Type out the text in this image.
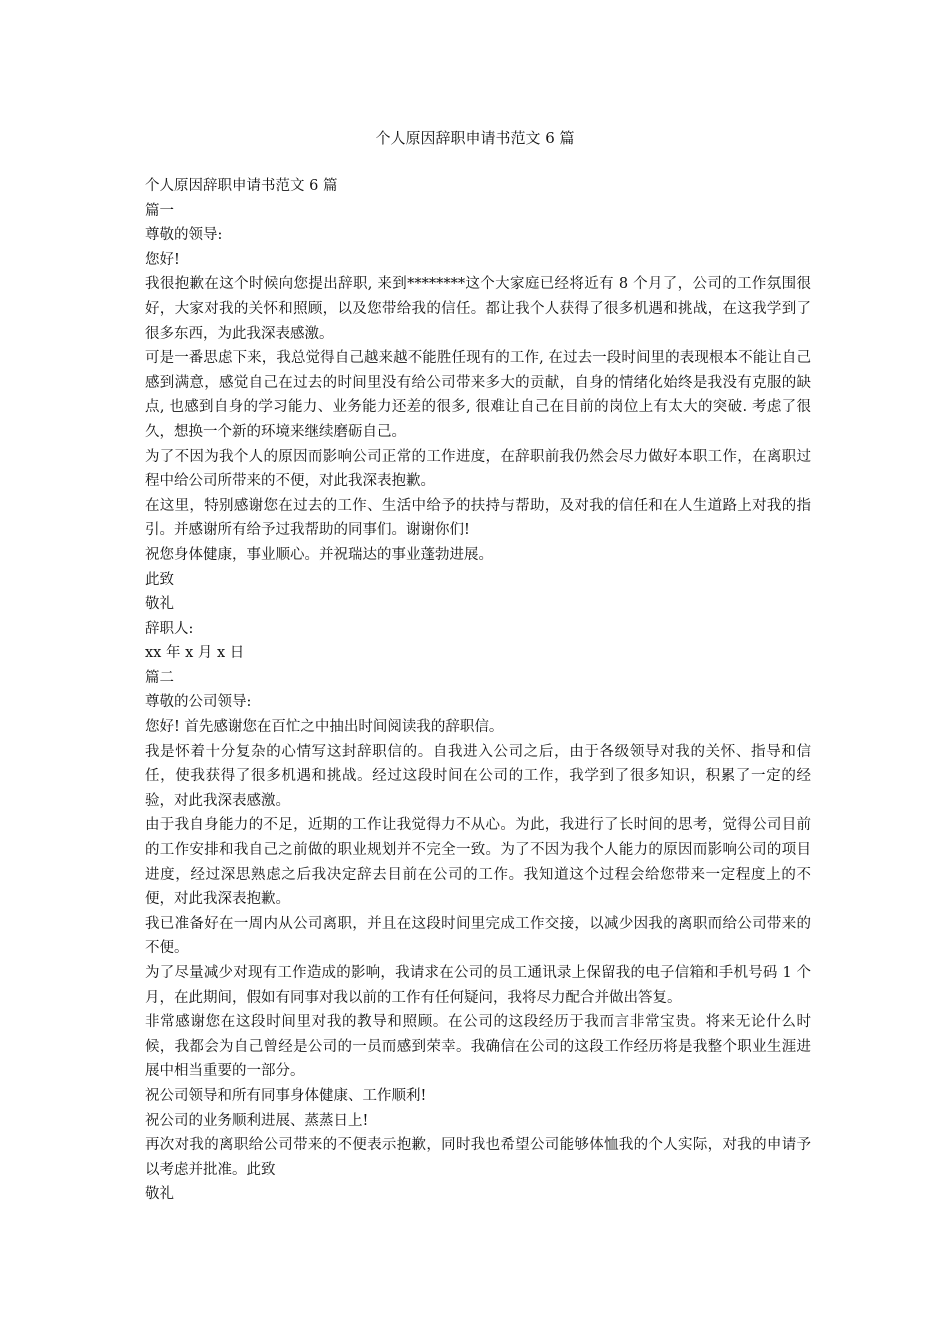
个人原因辞职申请书范文 6 篇

个人原因辞职申请书范文 6 篇

篇一

尊敬的领导:

您好!

我很抱歉在这个时候向您提出辞职, 来到********这个大家庭已经将近有 8 个月了，公司的工作氛围很好，大家对我的关怀和照顾，以及您带给我的信任。都让我个人获得了很多机遇和挑战，在这我学到了很多东西，为此我深表感激。

可是一番思虑下来，我总觉得自己越来越不能胜任现有的工作, 在过去一段时间里的表现根本不能让自己感到满意，感觉自己在过去的时间里没有给公司带来多大的贡献，自身的情绪化始终是我没有克服的缺点, 也感到自身的学习能力、业务能力还差的很多, 很难让自己在目前的岗位上有太大的突破. 考虑了很久，想换一个新的环境来继续磨砺自己。

为了不因为我个人的原因而影响公司正常的工作进度，在辞职前我仍然会尽力做好本职工作，在离职过程中给公司所带来的不便，对此我深表抱歉。

在这里，特别感谢您在过去的工作、生活中给予的扶持与帮助，及对我的信任和在人生道路上对我的指引。并感谢所有给予过我帮助的同事们。谢谢你们!

祝您身体健康，事业顺心。并祝瑞达的事业蓬勃进展。

此致

敬礼

辞职人:

xx 年 x 月 x 日

篇二

尊敬的公司领导:

您好! 首先感谢您在百忙之中抽出时间阅读我的辞职信。

我是怀着十分复杂的心情写这封辞职信的。自我进入公司之后，由于各级领导对我的关怀、指导和信任，使我获得了很多机遇和挑战。经过这段时间在公司的工作，我学到了很多知识，积累了一定的经验，对此我深表感激。

由于我自身能力的不足，近期的工作让我觉得力不从心。为此，我进行了长时间的思考，觉得公司目前的工作安排和我自己之前做的职业规划并不完全一致。为了不因为我个人能力的原因而影响公司的项目进度，经过深思熟虑之后我决定辞去目前在公司的工作。我知道这个过程会给您带来一定程度上的不便，对此我深表抱歉。

我已准备好在一周内从公司离职，并且在这段时间里完成工作交接，以减少因我的离职而给公司带来的不便。

为了尽量减少对现有工作造成的影响，我请求在公司的员工通讯录上保留我的电子信箱和手机号码 1 个月，在此期间，假如有同事对我以前的工作有任何疑问，我将尽力配合并做出答复。

非常感谢您在这段时间里对我的教导和照顾。在公司的这段经历于我而言非常宝贵。将来无论什么时候，我都会为自己曾经是公司的一员而感到荣幸。我确信在公司的这段工作经历将是我整个职业生涯进展中相当重要的一部分。

祝公司领导和所有同事身体健康、工作顺利!

祝公司的业务顺利进展、蒸蒸日上!

再次对我的离职给公司带来的不便表示抱歉，同时我也希望公司能够体恤我的个人实际，对我的申请予以考虑并批准。此致

敬礼
